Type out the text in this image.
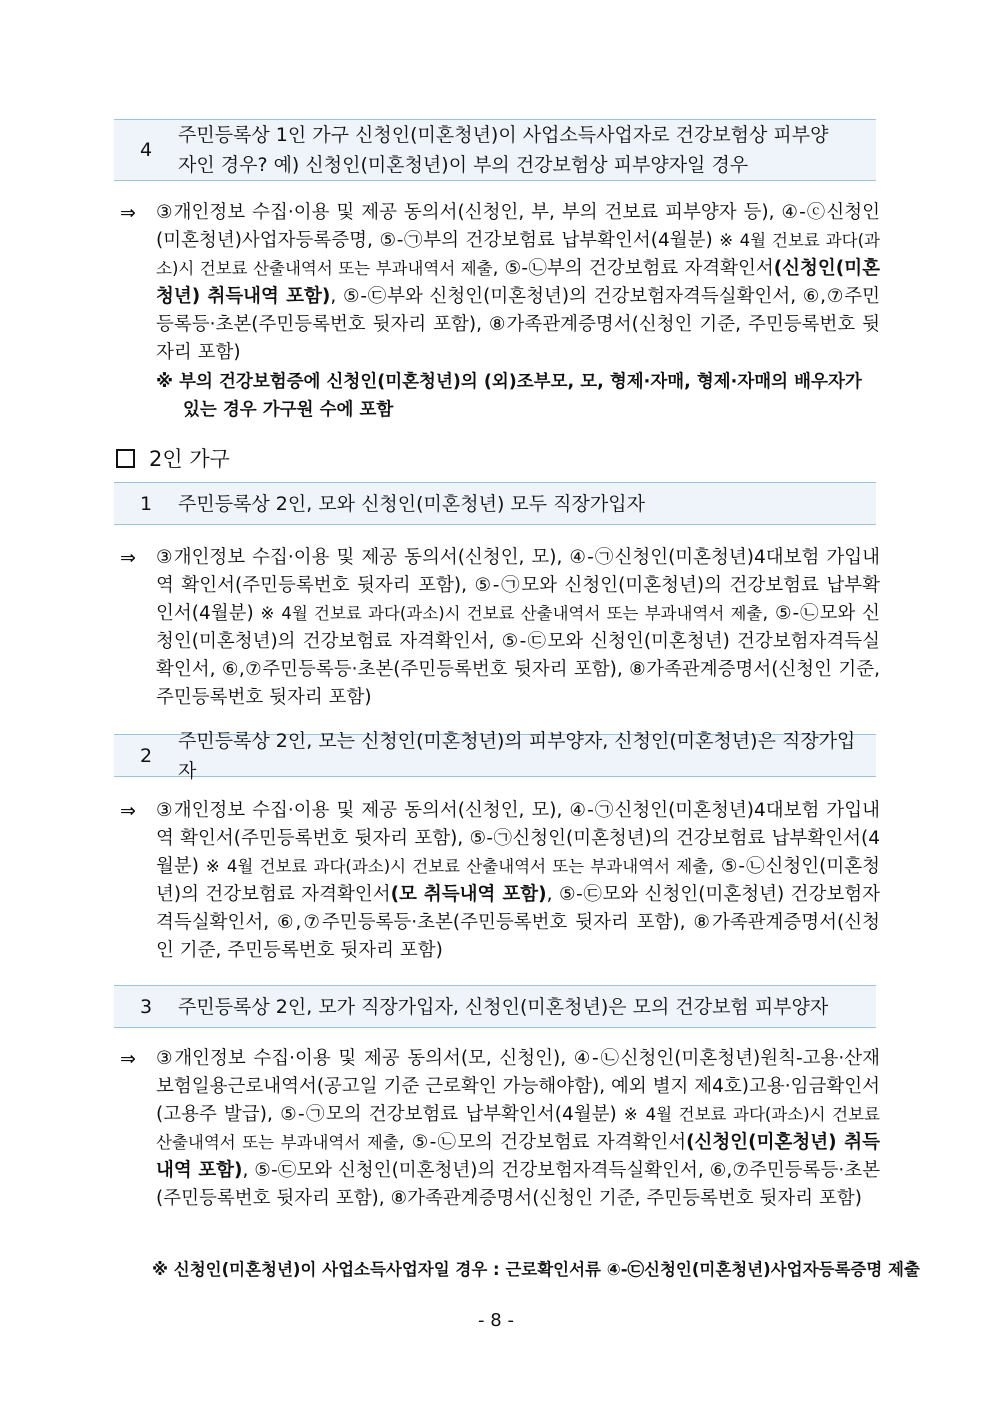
4
주민등록상 1인 가구 신청인(미혼청년)이 사업소득사업자로 건강보험상 피부양
자인 경우? 예) 신청인(미혼청년)이 부의 건강보험상 피부양자일 경우
⇒ ③개인정보 수집·이용 및 제공 동의서(신청인, 부, 부의 건보료 피부양자 등), ④-ⓒ신청인(미혼청년)사업자등록증명, ⑤-㉠부의 건강보험료 납부확인서(4월분) ※ 4월 건보료 과다(과소)시 건보료 산출내역서 또는 부과내역서 제출, ⑤-㉡부의 건강보험료 자격확인서(신청인(미혼청년) 취득내역 포함), ⑤-㉢부와 신청인(미혼청년)의 건강보험자격득실확인서, ⑥,⑦주민등록등·초본(주민등록번호 뒷자리 포함), ⑧가족관계증명서(신청인 기준, 주민등록번호 뒷자리 포함)
※ 부의 건강보험증에 신청인(미혼청년)의 (외)조부모, 모, 형제·자매, 형제·자매의 배우자가
있는 경우 가구원 수에 포함
2인 가구
1	주민등록상 2인, 모와 신청인(미혼청년) 모두 직장가입자
⇒ ③개인정보 수집·이용 및 제공 동의서(신청인, 모), ④-㉠신청인(미혼청년)4대보험 가입내역 확인서(주민등록번호 뒷자리 포함), ⑤-㉠모와 신청인(미혼청년)의 건강보험료 납부확인서(4월분) ※ 4월 건보료 과다(과소)시 건보료 산출내역서 또는 부과내역서 제출, ⑤-㉡모와 신청인(미혼청년)의 건강보험료 자격확인서, ⑤-㉢모와 신청인(미혼청년) 건강보험자격득실확인서, ⑥,⑦주민등록등·초본(주민등록번호 뒷자리 포함), ⑧가족관계증명서(신청인 기준, 주민등록번호 뒷자리 포함)
2
주민등록상 2인, 모는 신청인(미혼청년)의 피부양자, 신청인(미혼청년)은 직장가입자
⇒ ③개인정보 수집·이용 및 제공 동의서(신청인, 모), ④-㉠신청인(미혼청년)4대보험 가입내역 확인서(주민등록번호 뒷자리 포함), ⑤-㉠신청인(미혼청년)의 건강보험료 납부확인서(4월분) ※ 4월 건보료 과다(과소)시 건보료 산출내역서 또는 부과내역서 제출, ⑤-㉡신청인(미혼청년)의 건강보험료 자격확인서(모 취득내역 포함), ⑤-㉢모와 신청인(미혼청년) 건강보험자격득실확인서, ⑥,⑦주민등록등·초본(주민등록번호 뒷자리 포함), ⑧가족관계증명서(신청인 기준, 주민등록번호 뒷자리 포함)
3	주민등록상 2인, 모가 직장가입자, 신청인(미혼청년)은 모의 건강보험 피부양자
⇒ ③개인정보 수집·이용 및 제공 동의서(모, 신청인), ④-㉡신청인(미혼청년)원칙-고용·산재보험일용근로내역서(공고일 기준 근로확인 가능해야함), 예외 별지 제4호)고용·임금확인서(고용주 발급), ⑤-㉠모의 건강보험료 납부확인서(4월분) ※ 4월 건보료 과다(과소)시 건보료 산출내역서 또는 부과내역서 제출, ⑤-㉡모의 건강보험료 자격확인서(신청인(미혼청년) 취득내역 포함), ⑤-㉢모와 신청인(미혼청년)의 건강보험자격득실확인서, ⑥,⑦주민등록등·초본(주민등록번호 뒷자리 포함), ⑧가족관계증명서(신청인 기준, 주민등록번호 뒷자리 포함)
※ 신청인(미혼청년)이 사업소득사업자일 경우 : 근로확인서류 ④-㉢신청인(미혼청년)사업자등록증명 제출
- 8 -
